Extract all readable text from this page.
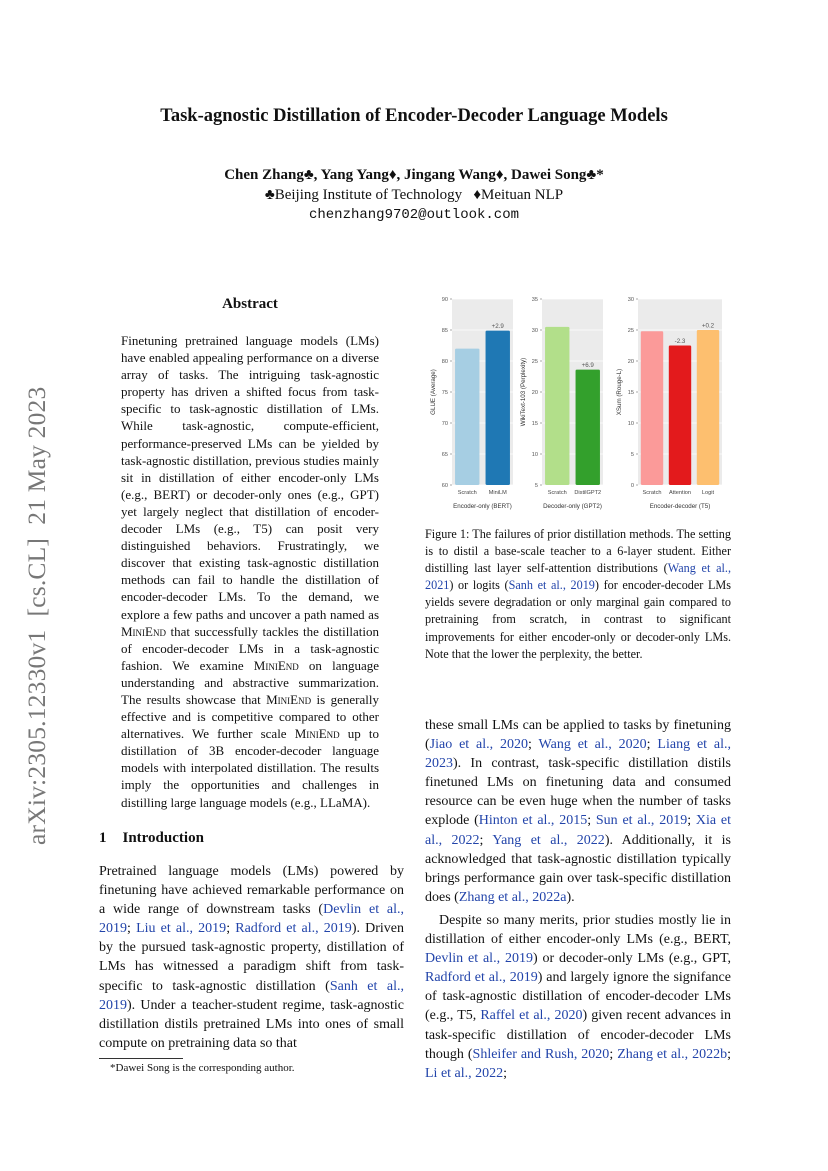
Task-agnostic Distillation of Encoder-Decoder Language Models
Chen Zhang♣, Yang Yang♦, Jingang Wang♦, Dawei Song♣*
♣Beijing Institute of Technology   ♦Meituan NLP
chenzhang9702@outlook.com
arXiv:2305.12330v1  [cs.CL]  21 May 2023
Abstract
Finetuning pretrained language models (LMs) have enabled appealing performance on a diverse array of tasks. The intriguing task-agnostic property has driven a shifted focus from task-specific to task-agnostic distillation of LMs. While task-agnostic, compute-efficient, performance-preserved LMs can be yielded by task-agnostic distillation, previous studies mainly sit in distillation of either encoder-only LMs (e.g., BERT) or decoder-only ones (e.g., GPT) yet largely neglect that distillation of encoder-decoder LMs (e.g., T5) can posit very distinguished behaviors. Frustratingly, we discover that existing task-agnostic distillation methods can fail to handle the distillation of encoder-decoder LMs. To the demand, we explore a few paths and uncover a path named as MiniEnd that successfully tackles the distillation of encoder-decoder LMs in a task-agnostic fashion. We examine MiniEnd on language understanding and abstractive summarization. The results showcase that MiniEnd is generally effective and is competitive compared to other alternatives. We further scale MiniEnd up to distillation of 3B encoder-decoder language models with interpolated distillation. The results imply the opportunities and challenges in distilling large language models (e.g., LLaMA).
1 Introduction

Pretrained language models (LMs) powered by finetuning have achieved remarkable performance on a wide range of downstream tasks (Devlin et al., 2019; Liu et al., 2019; Radford et al., 2019). Driven by the pursued task-agnostic property, distillation of LMs has witnessed a paradigm shift from task-specific to task-agnostic distillation (Sanh et al., 2019). Under a teacher-student regime, task-agnostic distillation distils pretrained LMs into ones of small compute on pretraining data so that

*Dawei Song is the corresponding author.
60
65
70
75
80
85
90
Scratch MiniLM
+2.9
Encoder-only (BERT)
GLUE (Average)
5
10
15
20
25
30
35
Scratch DistilGPT2
+6.9
Decoder-only (GPT2)
WikiText-103 (Perplexity)
0
5
10
15
20
25
30
Scratch Attention
-2.3
Logit
+0.2
Encoder-decoder (T5)
XSum (Rouge-L)
Figure 1: The failures of prior distillation methods. The setting is to distil a base-scale teacher to a 6-layer student. Either distilling last layer self-attention distributions (Wang et al., 2021) or logits (Sanh et al., 2019) for encoder-decoder LMs yields severe degradation or only marginal gain compared to pretraining from scratch, in contrast to significant improvements for either encoder-only or decoder-only LMs. Note that the lower the perplexity, the better.

these small LMs can be applied to tasks by finetuning (Jiao et al., 2020; Wang et al., 2020; Liang et al., 2023). In contrast, task-specific distillation distils finetuned LMs on finetuning data and consumed resource can be even huge when the number of tasks explode (Hinton et al., 2015; Sun et al., 2019; Xia et al., 2022; Yang et al., 2022). Additionally, it is acknowledged that task-agnostic distillation typically brings performance gain over task-specific distillation does (Zhang et al., 2022a).

Despite so many merits, prior studies mostly lie in distillation of either encoder-only LMs (e.g., BERT, Devlin et al., 2019) or decoder-only LMs (e.g., GPT, Radford et al., 2019) and largely ignore the signifance of task-agnostic distillation of encoder-decoder LMs (e.g., T5, Raffel et al., 2020) given recent advances in task-specific distillation of encoder-decoder LMs though (Shleifer and Rush, 2020; Zhang et al., 2022b; Li et al., 2022;
